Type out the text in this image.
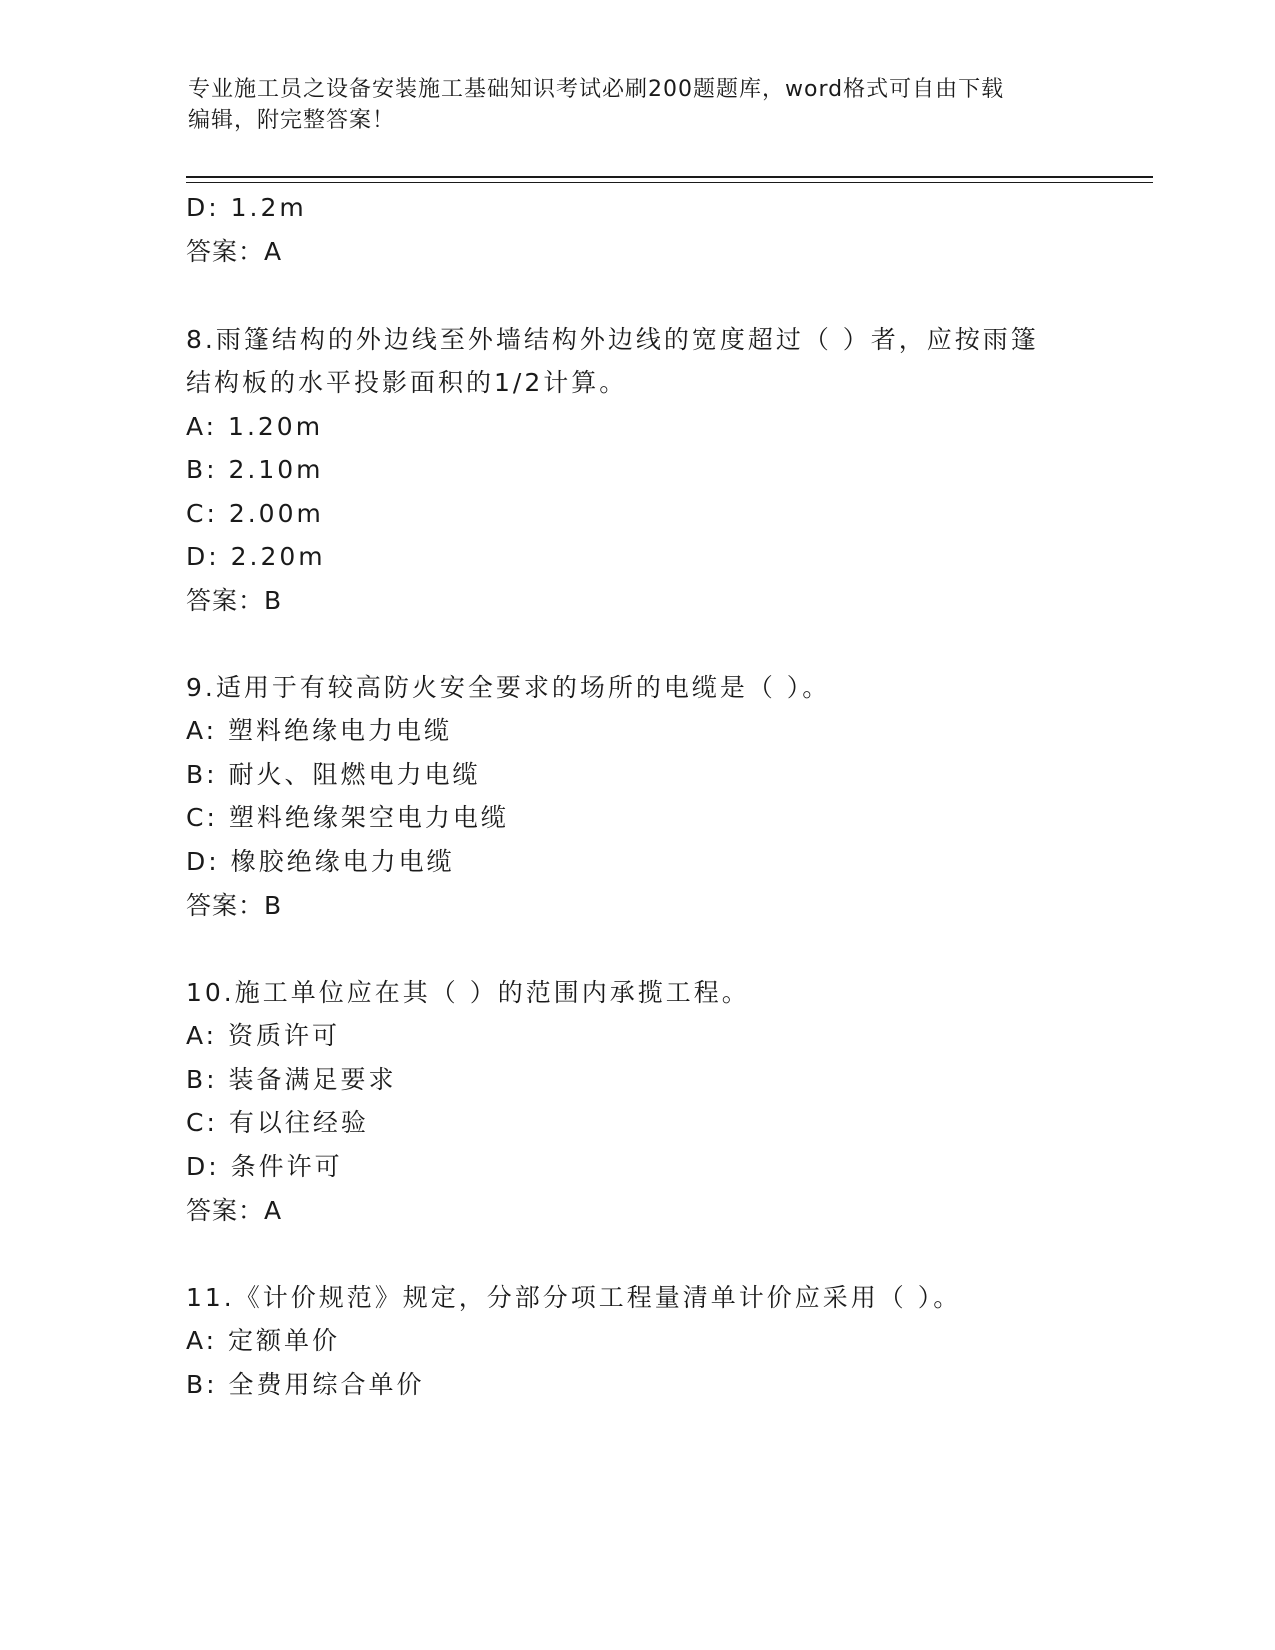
专业施工员之设备安装施工基础知识考试必刷200题题库，word格式可自由下载
编辑，附完整答案！
D: 1.2m
答案：A
8.雨篷结构的外边线至外墙结构外边线的宽度超过（ ）者，应按雨篷
结构板的水平投影面积的1/2计算。
A: 1.20m
B: 2.10m
C: 2.00m
D: 2.20m
答案：B
9.适用于有较高防火安全要求的场所的电缆是（ ）。
A: 塑料绝缘电力电缆
B: 耐火、阻燃电力电缆
C: 塑料绝缘架空电力电缆
D: 橡胶绝缘电力电缆
答案：B
10.施工单位应在其（ ）的范围内承揽工程。
A: 资质许可
B: 装备满足要求
C: 有以往经验
D: 条件许可
答案：A
11.《计价规范》规定，分部分项工程量清单计价应采用（ ）。
A: 定额单价
B: 全费用综合单价
